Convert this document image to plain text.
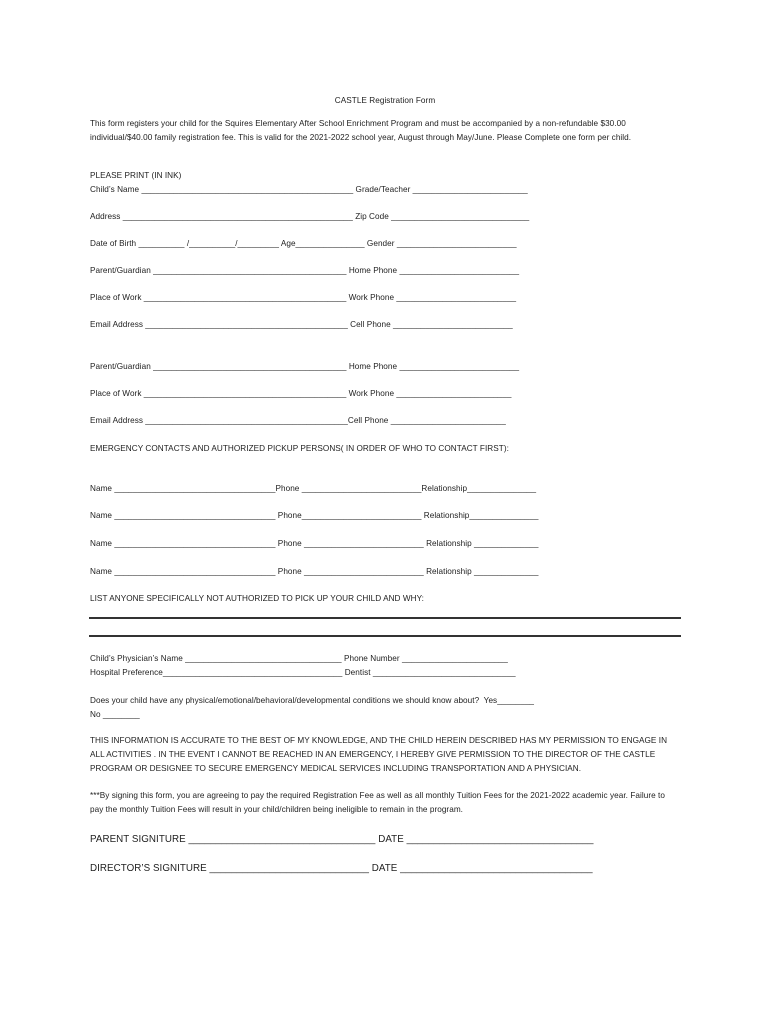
CASTLE Registration Form
This form registers your child for the Squires Elementary After School Enrichment Program and must be accompanied by a non-refundable $30.00 individual/$40.00 family registration fee. This is valid for the 2021-2022 school year, August through May/June. Please Complete one form per child.
PLEASE PRINT (IN INK)
Child’s Name ______________________________________________ Grade/Teacher _________________________
Address __________________________________________________ Zip Code ______________________________
Date of Birth __________ /__________/_________ Age_______________ Gender __________________________
Parent/Guardian __________________________________________ Home Phone __________________________
Place of Work ____________________________________________ Work Phone __________________________
Email Address ____________________________________________ Cell Phone __________________________
Parent/Guardian __________________________________________ Home Phone __________________________
Place of Work ____________________________________________ Work Phone _________________________
Email Address ____________________________________________Cell Phone _________________________
EMERGENCY CONTACTS AND AUTHORIZED PICKUP PERSONS( IN ORDER OF WHO TO CONTACT FIRST):
Name ___________________________________Phone __________________________Relationship_______________
Name ___________________________________ Phone__________________________ Relationship_______________
Name ___________________________________ Phone __________________________ Relationship ______________
Name ___________________________________ Phone __________________________ Relationship ______________
LIST ANYONE SPECIFICALLY NOT AUTHORIZED TO PICK UP YOUR CHILD AND WHY:
Child’s Physician’s Name __________________________________ Phone Number _______________________
Hospital Preference_______________________________________ Dentist _______________________________
Does your child have any physical/emotional/behavioral/developmental conditions we should know about?  Yes________
No ________
THIS INFORMATION IS ACCURATE TO THE BEST OF MY KNOWLEDGE, AND THE CHILD HEREIN DESCRIBED HAS MY PERMISSION TO ENGAGE IN ALL ACTIVITIES . IN THE EVENT I CANNOT BE REACHED IN AN EMERGENCY, I HEREBY GIVE PERMISSION TO THE DIRECTOR OF THE CASTLE PROGRAM OR DESIGNEE TO SECURE EMERGENCY MEDICAL SERVICES INCLUDING TRANSPORTATION AND A PHYSICIAN.
***By signing this form, you are agreeing to pay the required Registration Fee as well as all monthly Tuition Fees for the 2021-2022 academic year. Failure to pay the monthly Tuition Fees will result in your child/children being ineligible to remain in the program.
PARENT SIGNITURE __________________________________ DATE __________________________________
DIRECTOR’S SIGNITURE _____________________________ DATE ___________________________________
